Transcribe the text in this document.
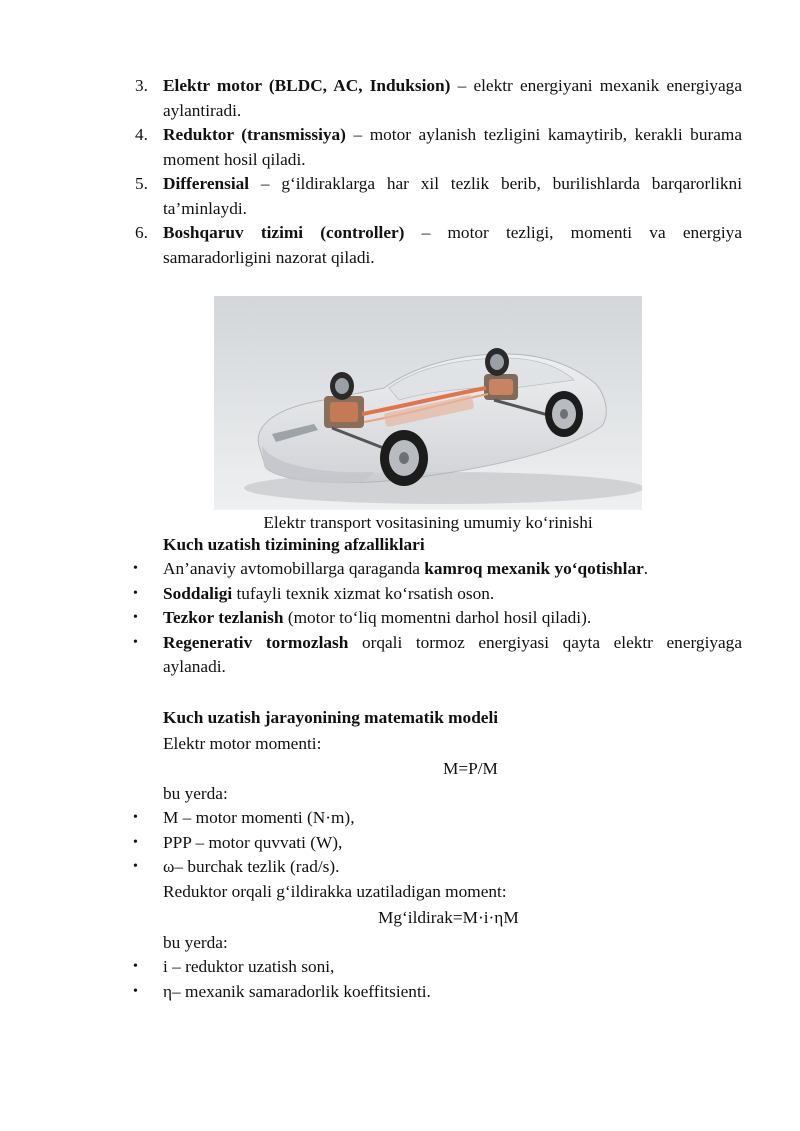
3. Elektr motor (BLDC, AC, Induksion) – elektr energiyani mexanik energiyaga aylantiradi.
4. Reduktor (transmissiya) – motor aylanish tezligini kamaytirib, kerakli burama moment hosil qiladi.
5. Differensial – g‘ildiraklarga har xil tezlik berib, burilishlarda barqarorlikni ta’minlaydi.
6. Boshqaruv tizimi (controller) – motor tezligi, momenti va energiya samaradorligini nazorat qiladi.
Elektr transport vositasining umumiy ko‘rinishi
Kuch uzatish tizimining afzalliklari
• An’anaviy avtomobillarga qaraganda kamroq mexanik yo‘qotishlar.
• Soddaligi tufayli texnik xizmat ko‘rsatish oson.
• Tezkor tezlanish (motor to‘liq momentni darhol hosil qiladi).
• Regenerativ tormozlash orqali tormoz energiyasi qayta elektr energiyaga aylanadi.
Kuch uzatish jarayonining matematik modeli
Elektr motor momenti:
M=P/M
bu yerda:
• M – motor momenti (N·m),
• PPP – motor quvvati (W),
• ω– burchak tezlik (rad/s).
Reduktor orqali g‘ildirakka uzatiladigan moment:
Mg‘ildirak=M·i·ηM
bu yerda:
• i – reduktor uzatish soni,
• η– mexanik samaradorlik koeffitsienti.
